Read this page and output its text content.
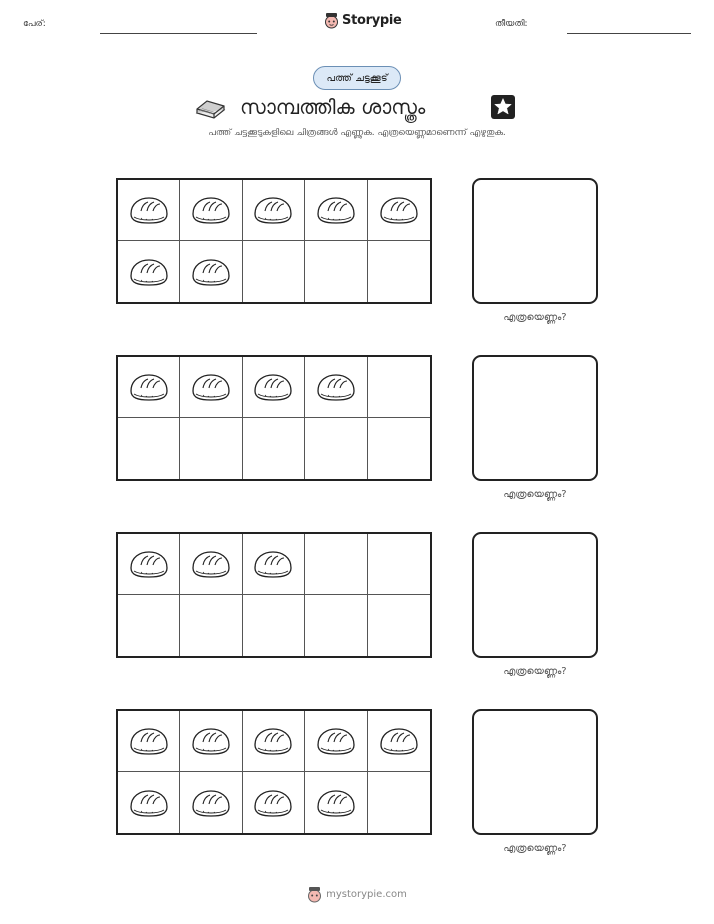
പേര്:	Storypie	തീയതി:
പത്ത് ചട്ടക്കൂട്
സാമ്പത്തിക ശാസ്ത്രം
പത്ത് ചട്ടക്കൂടുകളിലെ ചിത്രങ്ങൾ എണ്ണുക. എത്രയെണ്ണമാണെന്ന് എഴുതുക.
എത്രയെണ്ണം?
എത്രയെണ്ണം?
എത്രയെണ്ണം?
എത്രയെണ്ണം?
mystorypie.com
